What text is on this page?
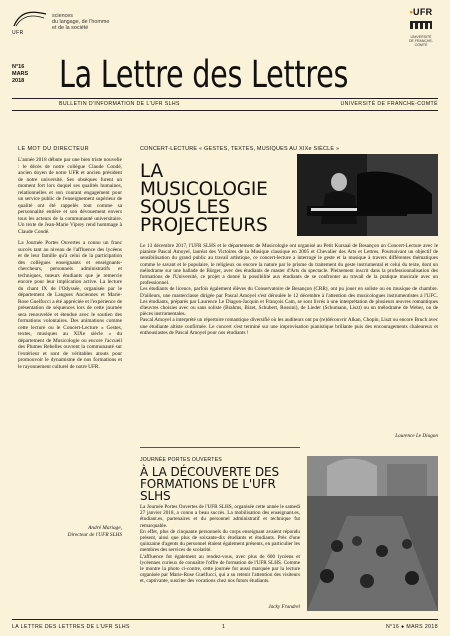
UFR
sciences
du langage, de l'homme
et de la société
•UFR
UNIVERSITÉ
DE FRANCHE-COMTÉ
N°16
MARS
2018 La Lettre des Lettres
BULLETIN D'INFORMATION DE L'UFR SLHS	UNIVERSITÉ DE FRANCHE-COMTÉ
LE MOT DU DIRECTEUR

L'année 2018 débute par une bien triste nouvelle : le décès de notre collègue Claude Condé, ancien doyen de notre UFR et ancien président de notre université. Ses obsèques furent un moment fort lors duquel ses qualités humaines, relationnelles et son courant engagement pour un service public de l'enseignement supérieur de qualité ont été rappelés tout comme sa personnalité entière et son dévouement envers tous les acteurs de la communauté universitaire. Un texte de Jean-Marie Viprey rend hommage à Claude Condé.

La Journée Portes Ouvertes a connu un franc succès tant au niveau de l'affluence des lycéens et de leur famille qu'à celui de la participation des collègues enseignants et enseignants-chercheurs, personnels administratifs et techniques, tuteurs étudiants que je remercie encore pour leur implication active. La lecture du chant IX de l'Odyssée, organisée par le département de Langues Anciennes et Marie-Rose Guelfucci a été appréciée et l'expérience de présentation de séquences lors de cette journée sera renouvelée et étendue avec le soutien des formations volontaires. Des animations comme cette lecture ou le Concert-Lecture « Gestes, textes, musiques au XIXe siècle » du département de Musicologie ou encore l'accueil des Plumes Rebelles ouvrent la communauté sur l'extérieur et sont de véritables atouts pour promouvoir le dynamisme de nos formations et le rayonnement culturel de notre UFR.

André Mariage,
Directeur de l'UFR SLHS
CONCERT-LECTURE « GESTES, TEXTES, MUSIQUES AU XIXe SIÈCLE »
LA MUSICOLOGIE SOUS LES PROJECTEURS

Le 13 décembre 2017, l'UFR SLHS et le département de Musicologie ont organisé au Petit Kursaal de Besançon un Concert-Lecture avec le pianiste Pascal Amoyel, lauréat des Victoires de la Musique classique en 2005 et Chevalier des Arts et Lettres. Poursuivant un objectif de sensibilisation du grand public au travail artistique, ce concert-lecture a interrogé le geste et la musique à travers différentes thématiques comme le savant et le populaire, le religieux ou encore la nature par le prisme du traitement du geste instrumental et celui du texte, dont un mélodrame sur une ballade de Bürger, avec des étudiants de master d'Arts du spectacle. Pleinement inscrit dans la professionnalisation des formations de l'Université, ce projet a donné la possibilité aux étudiants de se confronter au travail de la pratique musicale avec un professionnel.

Les étudiants de licence, parfois également élèves du Conservatoire de Besançon (CRR), ont pu jouer en soliste ou en musique de chambre. D'ailleurs, une masterclasse dirigée par Pascal Amoyel s'est déroulée le 12 décembre à l'attention des musicologues instrumentistes à l'UFC. Les étudiants, préparés par Laurence Le Diagon-Jacquin et François Cam, se sont livrés à une interprétation de plusieurs œuvres romantiques d'œuvres choisies avec ou sans soliste (Brahms, Bizet, Schubert, Rossini), de Lieder (Schumann, Liszt) ou un mélodrame de Weber, ou de pièces instrumentales.

Pascal Amoyel a interprété un répertoire romantique diversifié où les auditeurs ont pu (re)découvrir Alkan, Chopin, Liszt ou encore Bruch avec une étudiante altiste confirmée. Le concert s'est terminé sur une improvisation pianistique brillante puis des encouragements chaleureux et enthousiastes de Pascal Amoyel pour nos étudiants !

Laurence Le Diagon
JOURNÉE PORTES OUVERTES
À LA DÉCOUVERTE DES FORMATIONS DE L'UFR SLHS

La Journée Portes Ouvertes de l'UFR SLHS, organisée cette année le samedi 27 janvier 2018, a connu a beau succès. La mobilisation des enseignant.es, étudiant.es, partenaires et du personnel administratif et technique fut remarquable.

En effet, plus de cinquante personnels du corps enseignant avaient répondu présent, ainsi que plus de soixante-dix étudiants et étudiants. Près d'une quinzaine d'agents du personnel étaient également présents, en particulier les membres des services de scolarité.

L'affluence fut également au rendez-vous, avec plus de 600 lycéens et lycéennes curieux de connaître l'offre de formation de l'UFR SLHS. Comme le montre la photo ci-contre, cette journée fut aussi marquée par la lecture organisée par Marie-Rose Guelfucci, qui a su retenir l'attention des visiteurs et, captivante, susciter des vocations chez nos futurs étudiants.

Jacky Frandrel
LA LETTRE DES LETTRES DE L'UFR SLHS	1	N°16 ● MARS 2018
